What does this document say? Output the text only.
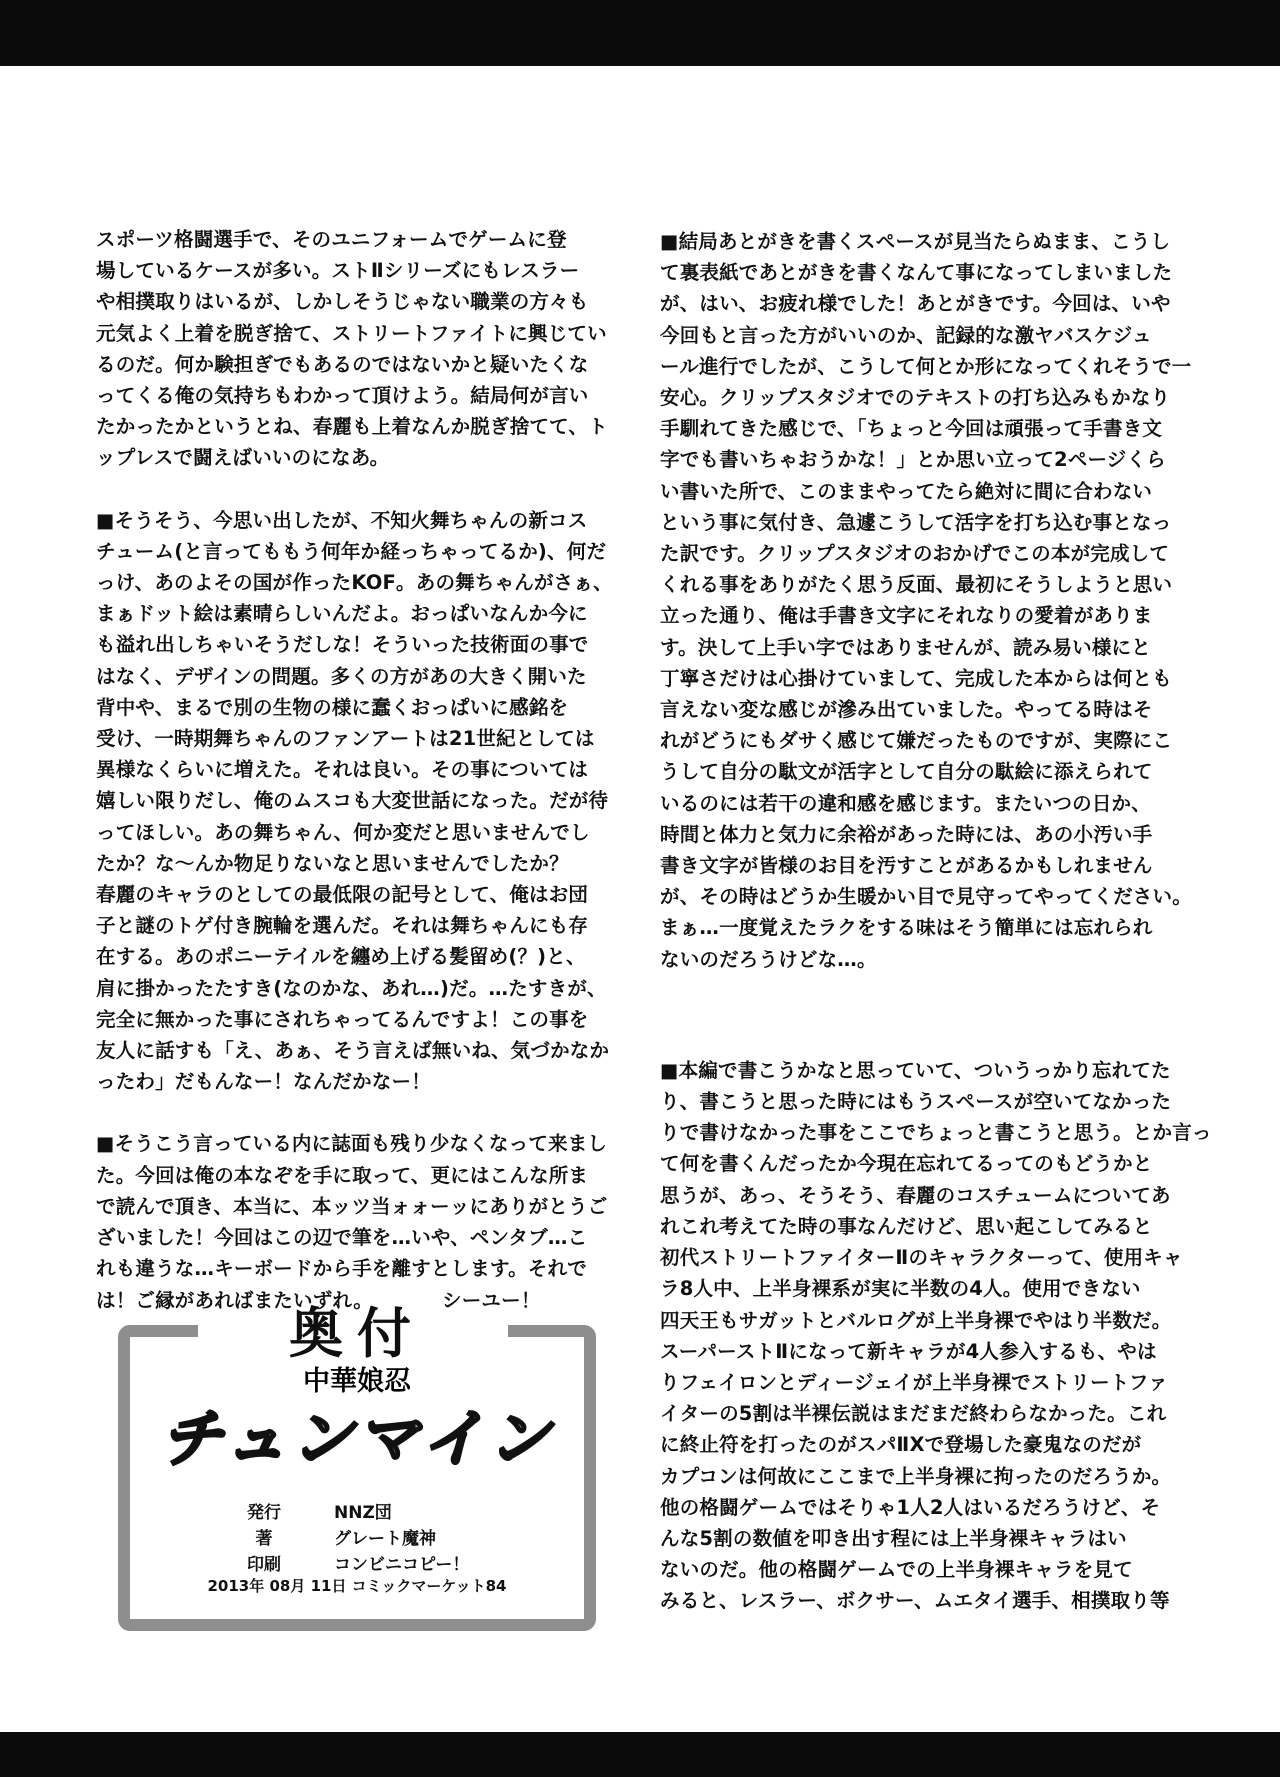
スポーツ格闘選手で、そのユニフォームでゲームに登
場しているケースが多い。ストⅡシリーズにもレスラー
や相撲取りはいるが、しかしそうじゃない職業の方々も
元気よく上着を脱ぎ捨て、ストリートファイトに興じてい
るのだ。何か験担ぎでもあるのではないかと疑いたくな
ってくる俺の気持ちもわかって頂けよう。結局何が言い
たかったかというとね、春麗も上着なんか脱ぎ捨てて、ト
ップレスで闘えばいいのになあ。

■そうそう、今思い出したが、不知火舞ちゃんの新コス
チューム(と言ってももう何年か経っちゃってるか)、何だ
っけ、あのよその国が作ったKOF。あの舞ちゃんがさぁ、
まぁドット絵は素晴らしいんだよ。おっぱいなんか今に
も溢れ出しちゃいそうだしな！そういった技術面の事で
はなく、デザインの問題。多くの方があの大きく開いた
背中や、まるで別の生物の様に蠢くおっぱいに感銘を
受け、一時期舞ちゃんのファンアートは21世紀としては
異様なくらいに増えた。それは良い。その事については
嬉しい限りだし、俺のムスコも大変世話になった。だが待
ってほしい。あの舞ちゃん、何か変だと思いませんでし
たか？な〜んか物足りないなと思いませんでしたか？
春麗のキャラのとしての最低限の記号として、俺はお団
子と謎のトゲ付き腕輪を選んだ。それは舞ちゃんにも存
在する。あのポニーテイルを纏め上げる髪留め(？)と、
肩に掛かったたすき(なのかな、あれ…)だ。…たすきが、
完全に無かった事にされちゃってるんですよ！この事を
友人に話すも「え、あぁ、そう言えば無いね、気づかなか
ったわ」だもんなー！なんだかなー！

■そうこう言っている内に誌面も残り少なくなって来まし
た。今回は俺の本なぞを手に取って、更にはこんな所ま
で読んで頂き、本当に、本ッツ当ォォーッにありがとうご
ざいました！今回はこの辺で筆を…いや、ペンタブ…こ
れも違うな…キーボードから手を離すとします。それで
は！ご縁があればまたいずれ。　　　　シーユー！

■結局あとがきを書くスペースが見当たらぬまま、こうし
て裏表紙であとがきを書くなんて事になってしまいました
が、はい、お疲れ様でした！あとがきです。今回は、いや
今回もと言った方がいいのか、記録的な激ヤバスケジュ
ール進行でしたが、こうして何とか形になってくれそうで一
安心。クリップスタジオでのテキストの打ち込みもかなり
手馴れてきた感じで、「ちょっと今回は頑張って手書き文
字でも書いちゃおうかな！」とか思い立って2ページくら
い書いた所で、このままやってたら絶対に間に合わない
という事に気付き、急遽こうして活字を打ち込む事となっ
た訳です。クリップスタジオのおかげでこの本が完成して
くれる事をありがたく思う反面、最初にそうしようと思い
立った通り、俺は手書き文字にそれなりの愛着がありま
す。決して上手い字ではありませんが、読み易い様にと
丁寧さだけは心掛けていまして、完成した本からは何とも
言えない変な感じが滲み出ていました。やってる時はそ
れがどうにもダサく感じて嫌だったものですが、実際にこ
うして自分の駄文が活字として自分の駄絵に添えられて
いるのには若干の違和感を感じます。またいつの日か、
時間と体力と気力に余裕があった時には、あの小汚い手
書き文字が皆様のお目を汚すことがあるかもしれません
が、その時はどうか生暖かい目で見守ってやってください。
まぁ…一度覚えたラクをする味はそう簡単には忘れられ
ないのだろうけどな…。

■本編で書こうかなと思っていて、ついうっかり忘れてた
り、書こうと思った時にはもうスペースが空いてなかった
りで書けなかった事をここでちょっと書こうと思う。とか言っ
て何を書くんだったか今現在忘れてるってのもどうかと
思うが、あっ、そうそう、春麗のコスチュームについてあ
れこれ考えてた時の事なんだけど、思い起こしてみると
初代ストリートファイターⅡのキャラクターって、使用キャ
ラ8人中、上半身裸系が実に半数の4人。使用できない
四天王もサガットとバルログが上半身裸でやはり半数だ。
スーパーストⅡになって新キャラが4人参入するも、やは
りフェイロンとディージェイが上半身裸でストリートファ
イターの5割は半裸伝説はまだまだ終わらなかった。これ
に終止符を打ったのがスパⅡXで登場した豪鬼なのだが
カプコンは何故にここまで上半身裸に拘ったのだろうか。
他の格闘ゲームではそりゃ1人2人はいるだろうけど、そ
んな5割の数値を叩き出す程には上半身裸キャラはい
ないのだ。他の格闘ゲームでの上半身裸キャラを見て
みると、レスラー、ボクサー、ムエタイ選手、相撲取り等

奥付
中華娘忍
チュンマイン
発行	NNZ団
著	グレート魔神
印刷	コンビニコピー！
2013年 08月 11日 コミックマーケット84
